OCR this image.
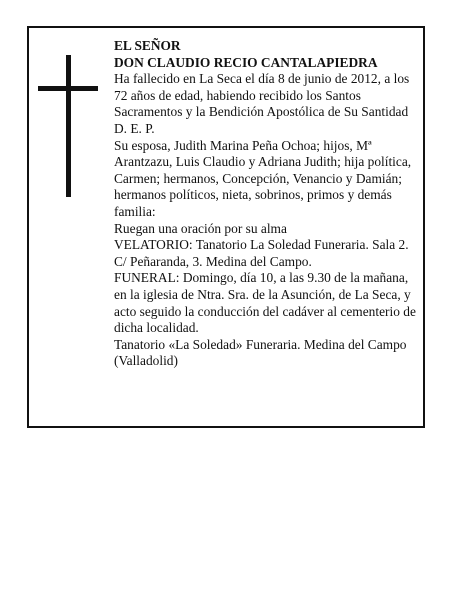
EL SEÑOR

DON CLAUDIO RECIO CANTALAPIEDRA

Ha fallecido en La Seca el día 8 de junio de 2012, a los 72 años de edad, habiendo recibido los Santos Sacramentos y la Bendición Apostólica de Su Santidad

D. E. P.

Su esposa, Judith Marina Peña Ochoa; hijos, Mª Arantzazu, Luis Claudio y Adriana Judith; hija política, Carmen; hermanos, Concepción, Venancio y Damián; hermanos políticos, nieta, sobrinos, primos y demás familia:

Ruegan una oración por su alma

VELATORIO: Tanatorio La Soledad Funeraria. Sala 2. C/ Peñaranda, 3. Medina del Campo.

FUNERAL: Domingo, día 10, a las 9.30 de la mañana, en la iglesia de Ntra. Sra. de la Asunción, de La Seca, y acto seguido la conducción del cadáver al cementerio de dicha localidad.

Tanatorio «La Soledad» Funeraria. Medina del Campo (Valladolid)
